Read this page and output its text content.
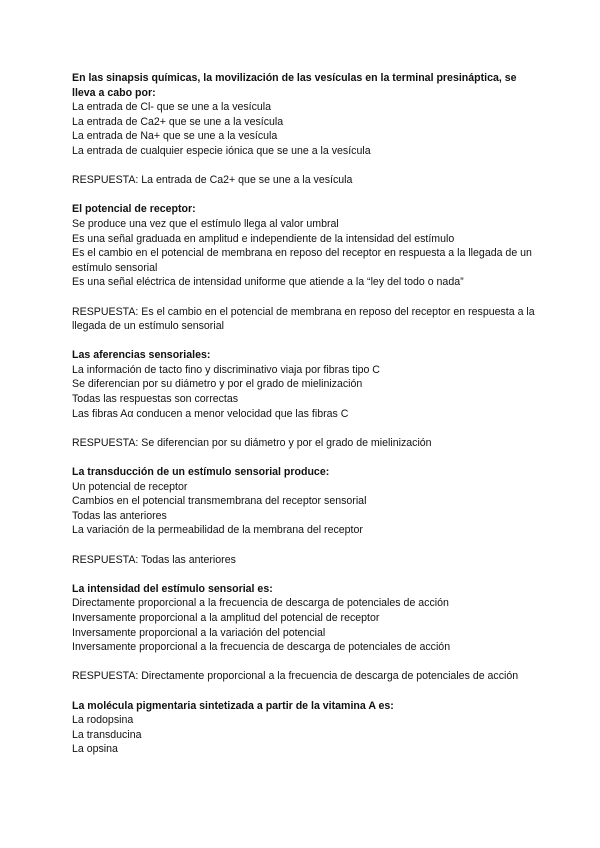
En las sinapsis químicas, la movilización de las vesículas en la terminal presináptica, se lleva a cabo por:

La entrada de Cl- que se une a la vesícula

La entrada de Ca2+ que se une a la vesícula

La entrada de Na+ que se une a la vesícula

La entrada de cualquier especie iónica que se une a la vesícula

RESPUESTA: La entrada de Ca2+ que se une a la vesícula

El potencial de receptor:

Se produce una vez que el estímulo llega al valor umbral

Es una señal graduada en amplitud e independiente de la intensidad del estímulo

Es el cambio en el potencial de membrana en reposo del receptor en respuesta a la llegada de un estímulo sensorial

Es una señal eléctrica de intensidad uniforme que atiende a la “ley del todo o nada”

RESPUESTA: Es el cambio en el potencial de membrana en reposo del receptor en respuesta a la llegada de un estímulo sensorial

Las aferencias sensoriales:

La información de tacto fino y discriminativo viaja por fibras tipo C

Se diferencian por su diámetro y por el grado de mielinización

Todas las respuestas son correctas

Las fibras Aα conducen a menor velocidad que las fibras C

RESPUESTA: Se diferencian por su diámetro y por el grado de mielinización

La transducción de un estímulo sensorial produce:

Un potencial de receptor

Cambios en el potencial transmembrana del receptor sensorial

Todas las anteriores

La variación de la permeabilidad de la membrana del receptor

RESPUESTA: Todas las anteriores

La intensidad del estímulo sensorial es:

Directamente proporcional a la frecuencia de descarga de potenciales de acción

Inversamente proporcional a la amplitud del potencial de receptor

Inversamente proporcional a la variación del potencial

Inversamente proporcional a la frecuencia de descarga de potenciales de acción

RESPUESTA: Directamente proporcional a la frecuencia de descarga de potenciales de acción

La molécula pigmentaria sintetizada a partir de la vitamina A es:

La rodopsina

La transducina

La opsina
